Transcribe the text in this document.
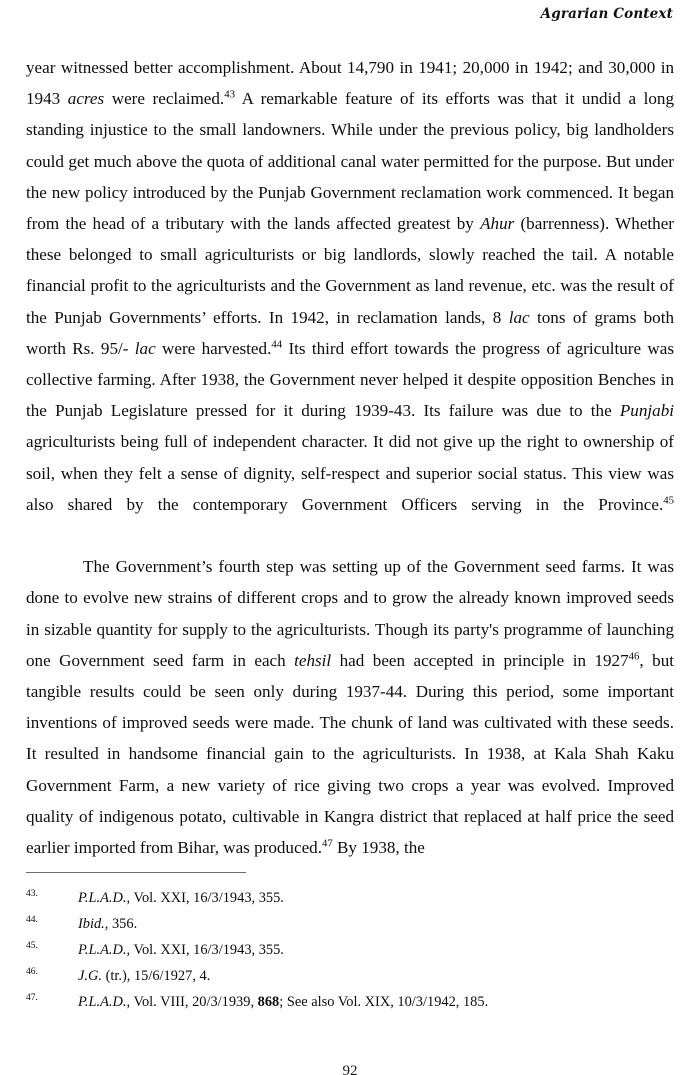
Agrarian Context

year witnessed better accomplishment. About 14,790 in 1941; 20,000 in 1942; and 30,000 in 1943 acres were reclaimed.$^{43}$ A remarkable feature of its efforts was that it undid a long standing injustice to the small landowners. While under the previous policy, big landholders could get much above the quota of additional canal water permitted for the purpose. But under the new policy introduced by the Punjab Government reclamation work commenced. It began from the head of a tributary with the lands affected greatest by Ahur (barrenness). Whether these belonged to small agriculturists or big landlords, slowly reached the tail. A notable financial profit to the agriculturists and the Government as land revenue, etc. was the result of the Punjab Governments’ efforts. In 1942, in reclamation lands, 8 lac tons of grams both worth Rs. 95/- lac were harvested.$^{44}$ Its third effort towards the progress of agriculture was collective farming. After 1938, the Government never helped it despite opposition Benches in the Punjab Legislature pressed for it during 1939-43. Its failure was due to the Punjabi agriculturists being full of independent character. It did not give up the right to ownership of soil, when they felt a sense of dignity, self-respect and superior social status. This view was also shared by the contemporary Government Officers serving in the Province.$^{45}$

The Government’s fourth step was setting up of the Government seed farms. It was done to evolve new strains of different crops and to grow the already known improved seeds in sizable quantity for supply to the agriculturists. Though its party's programme of launching one Government seed farm in each tehsil had been accepted in principle in 1927$^{46}$, but tangible results could be seen only during 1937-44. During this period, some important inventions of improved seeds were made. The chunk of land was cultivated with these seeds. It resulted in handsome financial gain to the agriculturists. In 1938, at Kala Shah Kaku Government Farm, a new variety of rice giving two crops a year was evolved. Improved quality of indigenous potato, cultivable in Kangra district that replaced at half price the seed earlier imported from Bihar, was produced.$^{47}$ By 1938, the

$^{43.}$	P.L.A.D., Vol. XXI, 16/3/1943, 355.
$^{44.}$	Ibid., 356.
$^{45.}$	P.L.A.D., Vol. XXI, 16/3/1943, 355.
$^{46.}$	J.G. (tr.), 15/6/1927, 4.
$^{47.}$	P.L.A.D., Vol. VIII, 20/3/1939, 868; See also Vol. XIX, 10/3/1942, 185.
92
